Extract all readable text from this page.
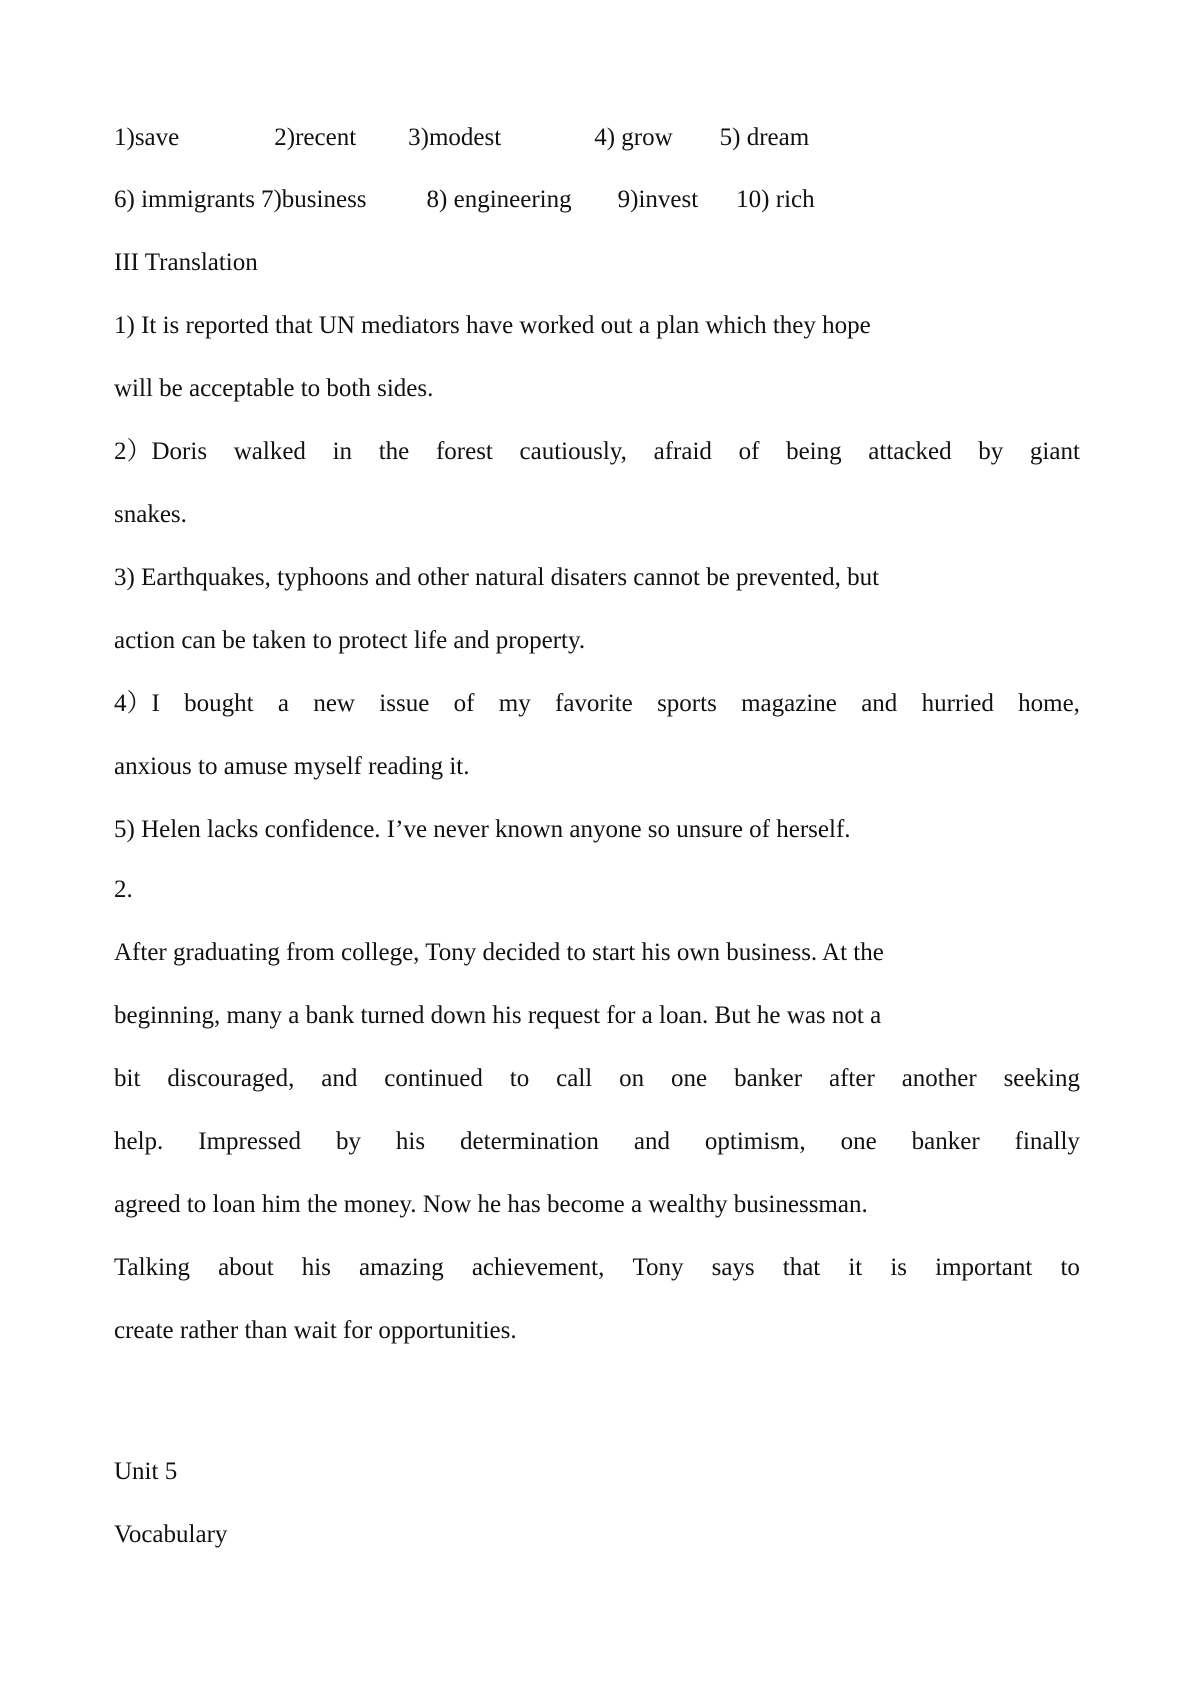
1)save	2)recent 3)modest	4) grow 5) dream
6) immigrants 7)business 8) engineering 9)invest 10) rich
III Translation
1) It is reported that UN mediators have worked out a plan which they hope
will be acceptable to both sides.
2）Doris walked in the forest cautiously, afraid of being attacked by giant
snakes.
3) Earthquakes, typhoons and other natural disaters cannot be prevented, but
action can be taken to protect life and property.
4）I bought a new issue of my favorite sports magazine and hurried home,
anxious to amuse myself reading it.
5) Helen lacks confidence. I’ve never known anyone so unsure of herself.
2.
After graduating from college, Tony decided to start his own business. At the
beginning, many a bank turned down his request for a loan. But he was not a
bit discouraged, and continued to call on one banker after another seeking
help. Impressed by his determination and optimism, one banker finally
agreed to loan him the money. Now he has become a wealthy businessman.
Talking about his amazing achievement, Tony says that it is important to
create rather than wait for opportunities.
Unit 5
Vocabulary
